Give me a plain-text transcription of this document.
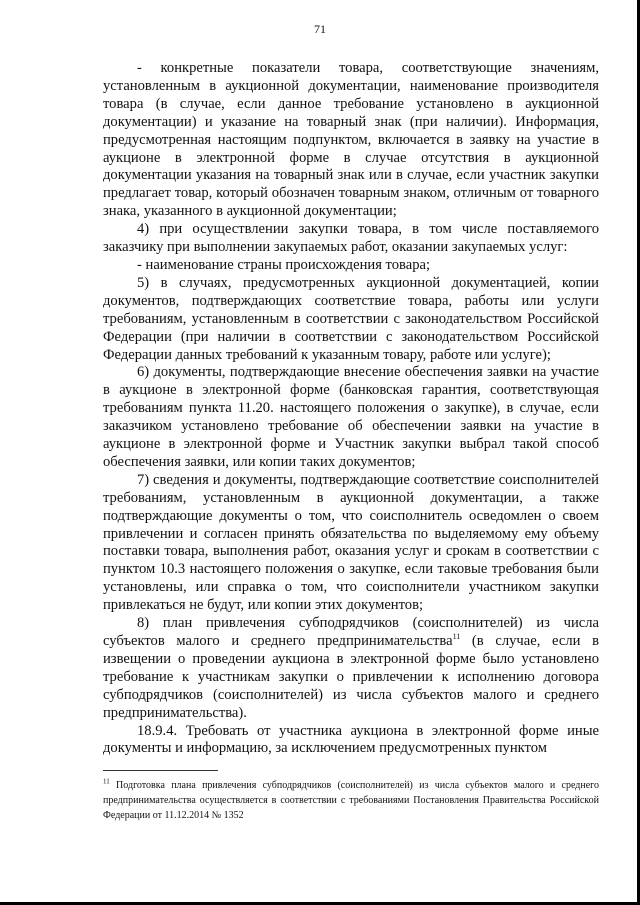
71

- конкретные показатели товара, соответствующие значениям, установленным в аукционной документации, наименование производителя товара (в случае, если данное требование установлено в аукционной документации) и указание на товарный знак (при наличии). Информация, предусмотренная настоящим подпунктом, включается в заявку на участие в аукционе в электронной форме в случае отсутствия в аукционной документации указания на товарный знак или в случае, если участник закупки предлагает товар, который обозначен товарным знаком, отличным от товарного знака, указанного в аукционной документации;

4) при осуществлении закупки товара, в том числе поставляемого заказчику при выполнении закупаемых работ, оказании закупаемых услуг:

- наименование страны происхождения товара;

5) в случаях, предусмотренных аукционной документацией, копии документов, подтверждающих соответствие товара, работы или услуги требованиям, установленным в соответствии с законодательством Российской Федерации (при наличии в соответствии с законодательством Российской Федерации данных требований к указанным товару, работе или услуге);

6) документы, подтверждающие внесение обеспечения заявки на участие в аукционе в электронной форме (банковская гарантия, соответствующая требованиям пункта 11.20. настоящего положения о закупке), в случае, если заказчиком установлено требование об обеспечении заявки на участие в аукционе в электронной форме и Участник закупки выбрал такой способ обеспечения заявки, или копии таких документов;

7) сведения и документы, подтверждающие соответствие соисполнителей требованиям, установленным в аукционной документации, а также подтверждающие документы о том, что соисполнитель осведомлен о своем привлечении и согласен принять обязательства по выделяемому ему объему поставки товара, выполнения работ, оказания услуг и срокам в соответствии с пунктом 10.3 настоящего положения о закупке, если таковые требования были установлены, или справка о том, что соисполнители участником закупки привлекаться не будут, или копии этих документов;

8) план привлечения субподрядчиков (соисполнителей) из числа субъектов малого и среднего предпринимательства$^{11}$ (в случае, если в извещении о проведении аукциона в электронной форме было установлено требование к участникам закупки о привлечении к исполнению договора субподрядчиков (соисполнителей) из числа субъектов малого и среднего предпринимательства).

18.9.4. Требовать от участника аукциона в электронной форме иные документы и информацию, за исключением предусмотренных пунктом

$^{11}$ Подготовка плана привлечения субподрядчиков (соисполнителей) из числа субъектов малого и среднего предпринимательства осуществляется в соответствии с требованиями Постановления Правительства Российской Федерации от 11.12.2014 № 1352
